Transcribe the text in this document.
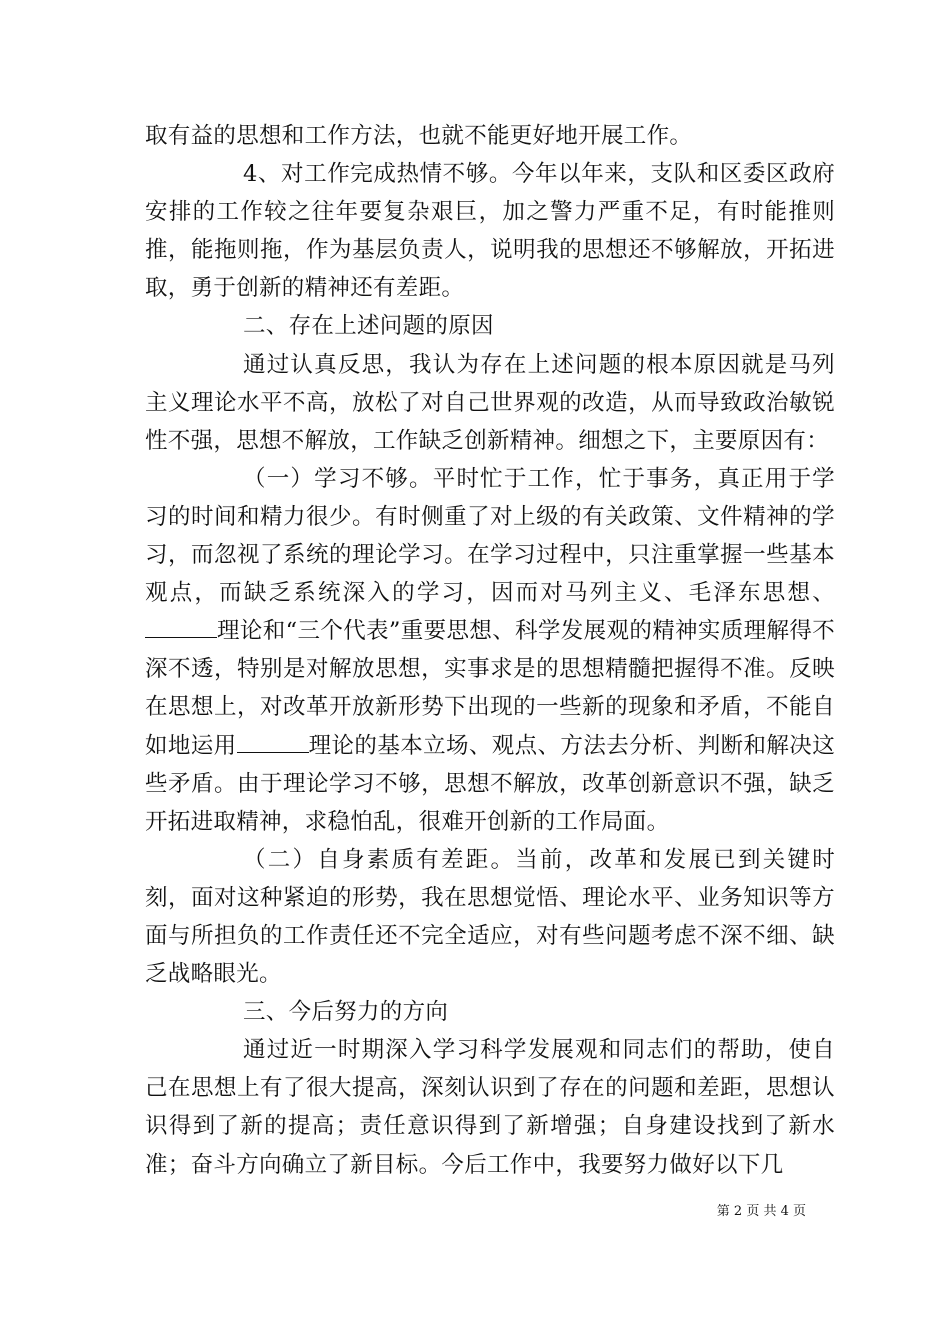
取有益的思想和工作方法，也就不能更好地开展工作。

4、对工作完成热情不够。今年以年来，支队和区委区政府安排的工作较之往年要复杂艰巨，加之警力严重不足，有时能推则推，能拖则拖，作为基层负责人，说明我的思想还不够解放，开拓进取，勇于创新的精神还有差距。

二、存在上述问题的原因

通过认真反思，我认为存在上述问题的根本原因就是马列主义理论水平不高，放松了对自己世界观的改造，从而导致政治敏锐性不强，思想不解放，工作缺乏创新精神。细想之下，主要原因有：

（一）学习不够。平时忙于工作，忙于事务，真正用于学习的时间和精力很少。有时侧重了对上级的有关政策、文件精神的学习，而忽视了系统的理论学习。在学习过程中，只注重掌握一些基本观点，而缺乏系统深入的学习，因而对马列主义、毛泽东思想、理论和“三个代表”重要思想、科学发展观的精神实质理解得不深不透，特别是对解放思想，实事求是的思想精髓把握得不准。反映在思想上，对改革开放新形势下出现的一些新的现象和矛盾，不能自如地运用	理论的基本立场、观点、方法去分析、判断和解决这些矛盾。由于理论学习不够，思想不解放，改革创新意识不强，缺乏开拓进取精神，求稳怕乱，很难开创新的工作局面。

（二）自身素质有差距。当前，改革和发展已到关键时刻，面对这种紧迫的形势，我在思想觉悟、理论水平、业务知识等方面与所担负的工作责任还不完全适应，对有些问题考虑不深不细、缺乏战略眼光。

三、今后努力的方向

通过近一时期深入学习科学发展观和同志们的帮助，使自己在思想上有了很大提高，深刻认识到了存在的问题和差距，思想认识得到了新的提高；责任意识得到了新增强；自身建设找到了新水准；奋斗方向确立了新目标。今后工作中，我要努力做好以下几

第 2 页 共 4 页
